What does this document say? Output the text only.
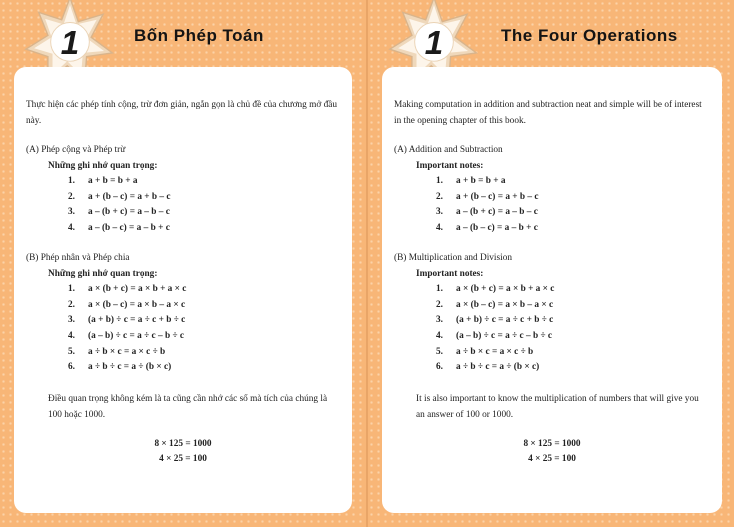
1	Bốn Phép Toán

Thực hiện các phép tính cộng, trừ đơn giản, ngắn gọn là chủ đề của chương mở đầu này.

(A) Phép cộng và Phép trừ
Những ghi nhớ quan trọng:
1.	a + b = b + a
2.	a + (b – c) = a + b – c
3.	a – (b + c) = a – b – c
4.	a – (b – c) = a – b + c
(B) Phép nhân và Phép chia
Những ghi nhớ quan trọng:
1.	a × (b + c) = a × b + a × c
2.	a × (b – c) = a × b – a × c
3.	(a + b) ÷ c = a ÷ c + b ÷ c
4.	(a – b) ÷ c = a ÷ c – b ÷ c
5.	a ÷ b × c = a × c ÷ b
6.	a ÷ b ÷ c = a ÷ (b × c)
Điều quan trọng không kém là ta cũng cần nhớ các số mà tích của chúng là 100 hoặc 1000.
8 × 125 = 1000
4 × 25 = 100
1	The Four Operations

Making computation in addition and subtraction neat and simple will be of interest in the opening chapter of this book.

(A) Addition and Subtraction
Important notes:
1.	a + b = b + a
2.	a + (b – c) = a + b – c
3.	a – (b + c) = a – b – c
4.	a – (b – c) = a – b + c
(B) Multiplication and Division
Important notes:
1.	a × (b + c) = a × b + a × c
2.	a × (b – c) = a × b – a × c
3.	(a + b) ÷ c = a ÷ c + b ÷ c
4.	(a – b) ÷ c = a ÷ c – b ÷ c
5.	a ÷ b × c = a × c ÷ b
6.	a ÷ b ÷ c = a ÷ (b × c)
It is also important to know the multiplication of numbers that will give you an answer of 100 or 1000.
8 × 125 = 1000
4 × 25 = 100
